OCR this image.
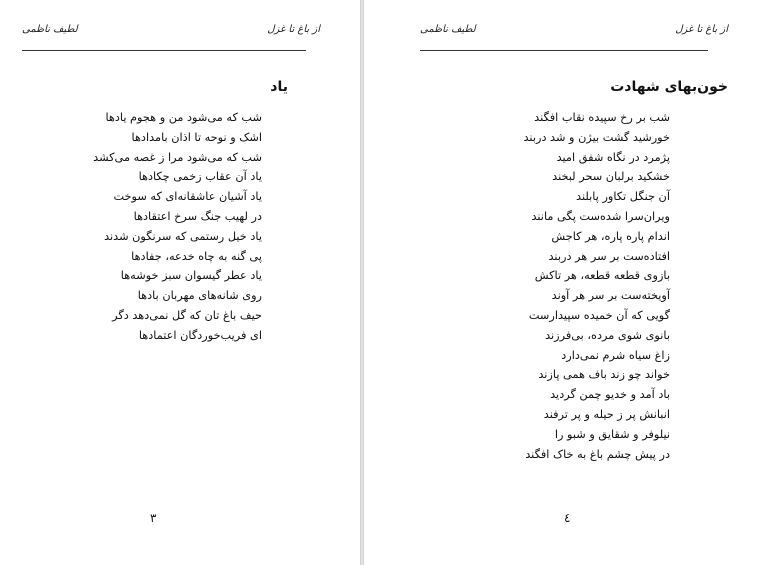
لطیف ناظمی	از باغ تا غزل
یاد
شب که می‌شود من و هجوم یادها
اشک و نوحه تا اذان بامدادها
شب که می‌شود مرا ز غصه می‌کشد
یاد آن عقاب زخمی چکادها
یاد آشیان عاشقانه‌ای که سوخت
در لهیب جنگ سرخ اعتقادها
یاد خیل رستمی که سرنگون شدند
پی گنه به چاه خدعه، جفادها
یاد عطر گیسوان سبز خوشه‌ها
روی شانه‌های مهربان بادها
حیف باغ تان که گل نمی‌دهد دگر
ای فریب‌خوردگان اعتمادها
٣
لطیف ناظمی	از باغ تا غزل
خون‌بهای شهادت
شب بر رخ سپیده نقاب افگند
خورشید گشت بیژن و شد دربند
پژمرد در نگاه شفق امید
خشکید برلبان سحر لبخند
آن جنگل تکاور پابلند
ویران‌سرا شده‌ست پگی مانند
اندام پاره پاره، هر کاجش
افتاده‌ست بر سر هر دربند
بازوی قطعه قطعه، هر تاکش
آویخته‌ست بر سر هر آوند
گویی که آن خمیده سپیدارست
بانوی شوی مرده، بی‌فرزند
زاغ سیاه شرم نمی‌دارد
خواند چو زند باف همی پازند
باد آمد و خدیو چمن گردید
انبانش پر ز حیله و پر ترفند
نیلوفر و شقایق و شبو را
در پیش چشم باغ به خاک افگند
٤
